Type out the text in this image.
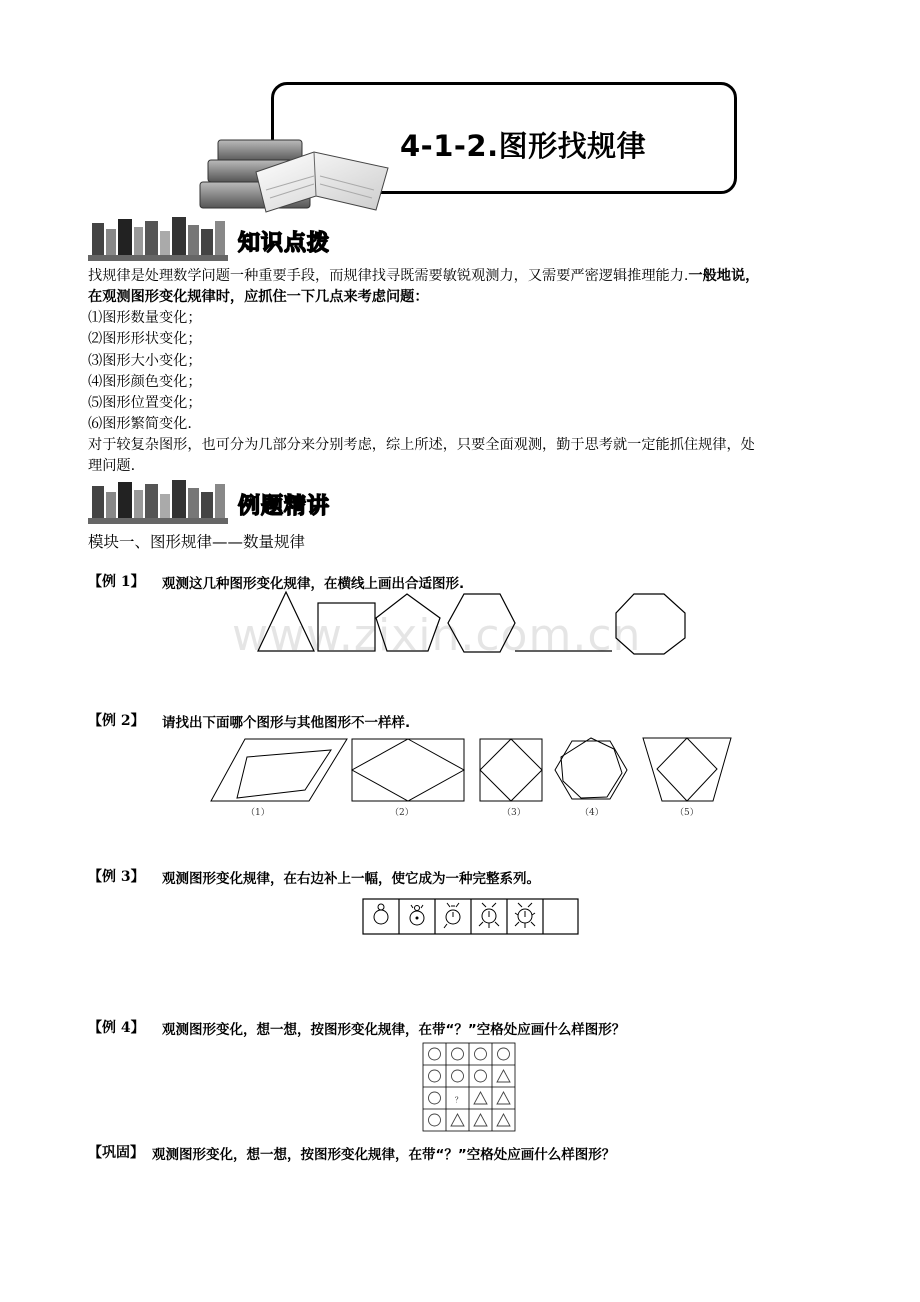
4-1-2.图形找规律
知识点拨
找规律是处理数学问题一种重要手段，而规律找寻既需要敏锐观测力，又需要严密逻辑推理能力.一般地说，
在观测图形变化规律时，应抓住一下几点来考虑问题：
⑴图形数量变化；
⑵图形形状变化；
⑶图形大小变化；
⑷图形颜色变化；
⑸图形位置变化；
⑹图形繁简变化.
对于较复杂图形，也可分为几部分来分别考虑，综上所述，只要全面观测，勤于思考就一定能抓住规律，处
理问题.
例题精讲
模块一、图形规律——数量规律
【例 1】 观测这几种图形变化规律，在横线上画出合适图形.
www.zixin.com.cn
【例 2】 请找出下面哪个图形与其他图形不一样样.
（1）	（2）	（3）	（4）	（5）
【例 3】 观测图形变化规律，在右边补上一幅，使它成为一种完整系列。
【例 4】 观测图形变化，想一想，按图形变化规律，在带“？”空格处应画什么样图形？
？
【巩固】 观测图形变化，想一想，按图形变化规律，在带“？”空格处应画什么样图形？
